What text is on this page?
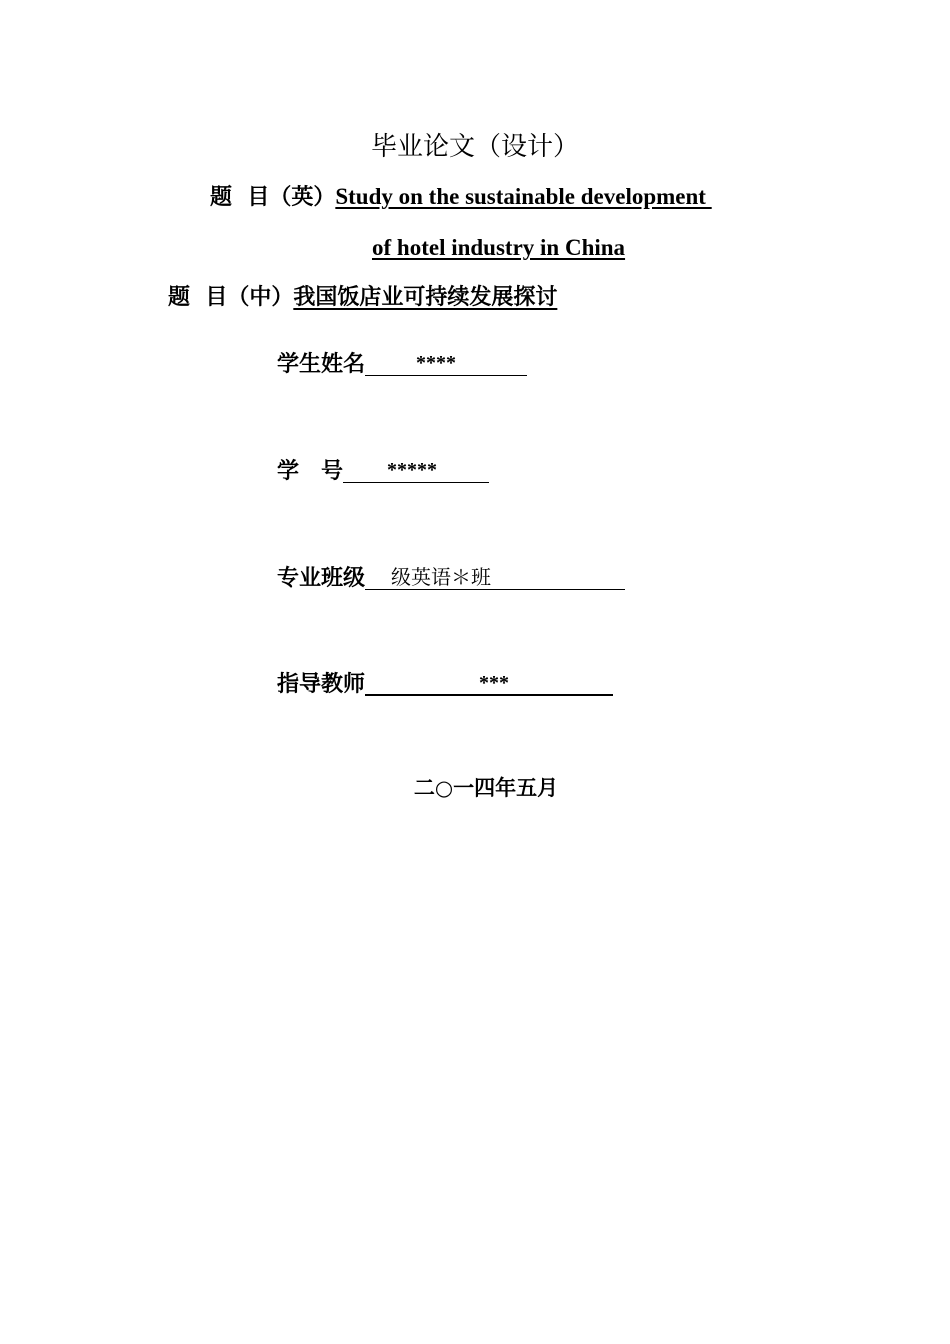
毕业论文（设计）
题  目（英）Study on the sustainable development
of hotel industry in China
题  目（中）我国饭店业可持续发展探讨
学生姓名	****
学 号 *****
专业班级 级英语＊班
指导教师	***
二○一四年五月
